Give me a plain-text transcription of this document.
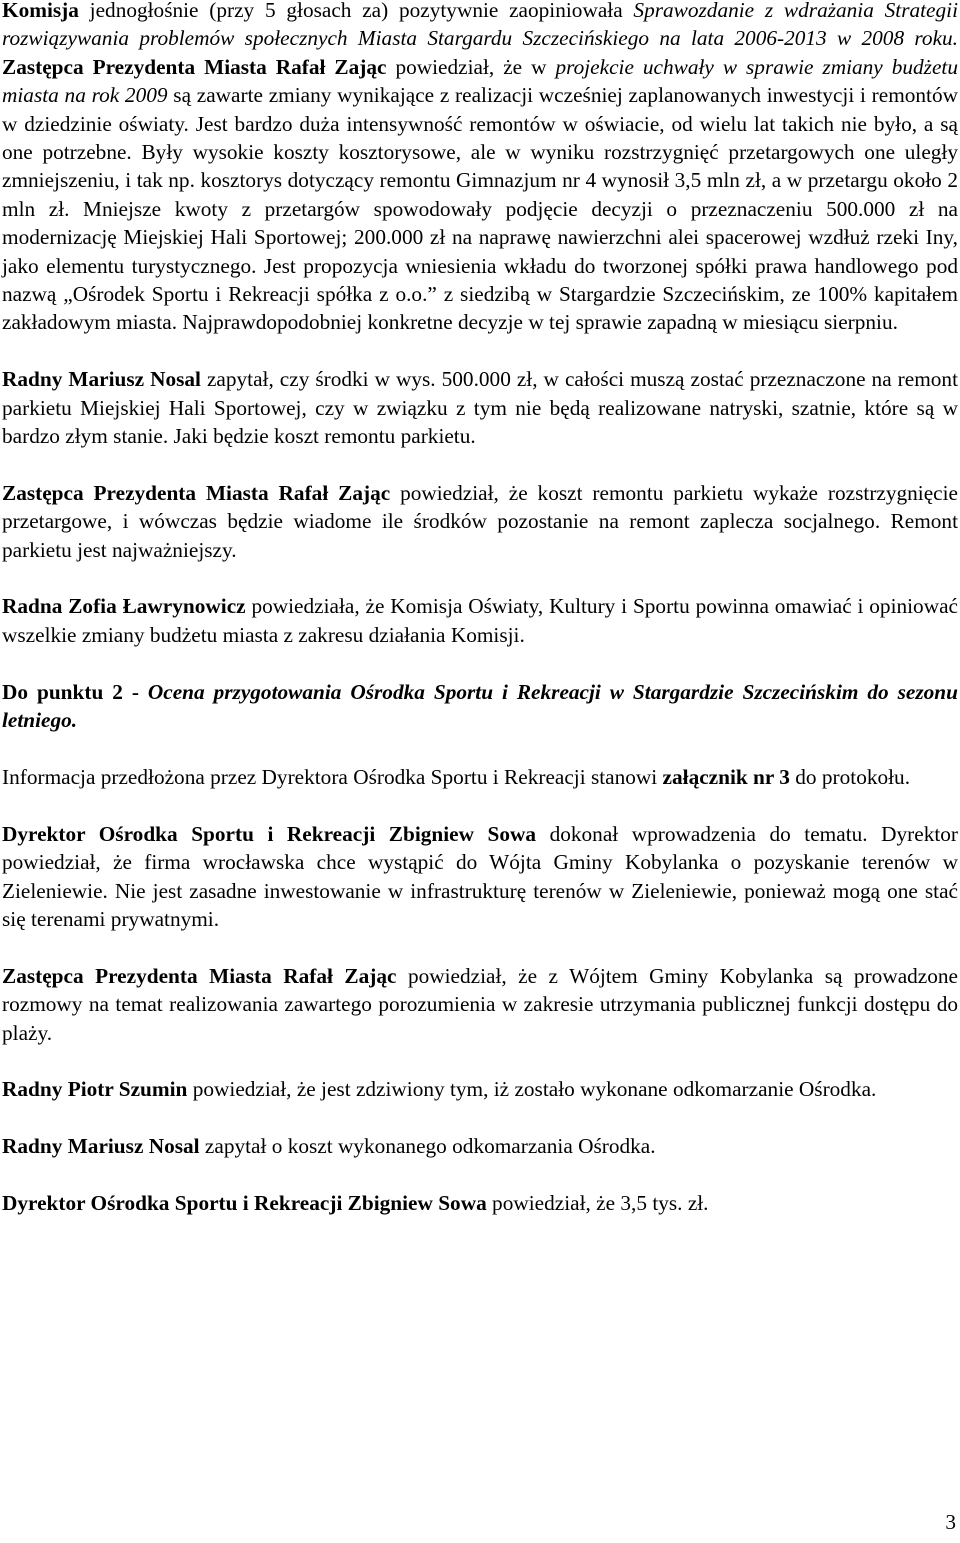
Komisja jednogłośnie (przy 5 głosach za) pozytywnie zaopiniowała Sprawozdanie z wdrażania Strategii rozwiązywania problemów społecznych Miasta Stargardu Szczecińskiego na lata 2006-2013 w 2008 roku. Zastępca Prezydenta Miasta Rafał Zając powiedział, że w projekcie uchwały w sprawie zmiany budżetu miasta na rok 2009 są zawarte zmiany wynikające z realizacji wcześniej zaplanowanych inwestycji i remontów w dziedzinie oświaty. Jest bardzo duża intensywność remontów w oświacie, od wielu lat takich nie było, a są one potrzebne. Były wysokie koszty kosztorysowe, ale w wyniku rozstrzygnięć przetargowych one uległy zmniejszeniu, i tak np. kosztorys dotyczący remontu Gimnazjum nr 4 wynosił 3,5 mln zł, a w przetargu około 2 mln zł. Mniejsze kwoty z przetargów spowodowały podjęcie decyzji o przeznaczeniu 500.000 zł na modernizację Miejskiej Hali Sportowej; 200.000 zł na naprawę nawierzchni alei spacerowej wzdłuż rzeki Iny, jako elementu turystycznego. Jest propozycja wniesienia wkładu do tworzonej spółki prawa handlowego pod nazwą „Ośrodek Sportu i Rekreacji spółka z o.o.” z siedzibą w Stargardzie Szczecińskim, ze 100% kapitałem zakładowym miasta. Najprawdopodobniej konkretne decyzje w tej sprawie zapadną w miesiącu sierpniu.

Radny Mariusz Nosal zapytał, czy środki w wys. 500.000 zł, w całości muszą zostać przeznaczone na remont parkietu Miejskiej Hali Sportowej, czy w związku z tym nie będą realizowane natryski, szatnie, które są w bardzo złym stanie. Jaki będzie koszt remontu parkietu.

Zastępca Prezydenta Miasta Rafał Zając powiedział, że koszt remontu parkietu wykaże rozstrzygnięcie przetargowe, i wówczas będzie wiadome ile środków pozostanie na remont zaplecza socjalnego. Remont parkietu jest najważniejszy.

Radna Zofia Ławrynowicz powiedziała, że Komisja Oświaty, Kultury i Sportu powinna omawiać i opiniować wszelkie zmiany budżetu miasta z zakresu działania Komisji.

Do punktu 2 - Ocena przygotowania Ośrodka Sportu i Rekreacji w Stargardzie Szczecińskim do sezonu letniego.

Informacja przedłożona przez Dyrektora Ośrodka Sportu i Rekreacji stanowi załącznik nr 3 do protokołu.

Dyrektor Ośrodka Sportu i Rekreacji Zbigniew Sowa dokonał wprowadzenia do tematu. Dyrektor powiedział, że firma wrocławska chce wystąpić do Wójta Gminy Kobylanka o pozyskanie terenów w Zieleniewie. Nie jest zasadne inwestowanie w infrastrukturę terenów w Zieleniewie, ponieważ mogą one stać się terenami prywatnymi.

Zastępca Prezydenta Miasta Rafał Zając powiedział, że z Wójtem Gminy Kobylanka są prowadzone rozmowy na temat realizowania zawartego porozumienia w zakresie utrzymania publicznej funkcji dostępu do plaży.

Radny Piotr Szumin powiedział, że jest zdziwiony tym, iż zostało wykonane odkomarzanie Ośrodka.

Radny Mariusz Nosal zapytał o koszt wykonanego odkomarzania Ośrodka.

Dyrektor Ośrodka Sportu i Rekreacji Zbigniew Sowa powiedział, że 3,5 tys. zł.

3
